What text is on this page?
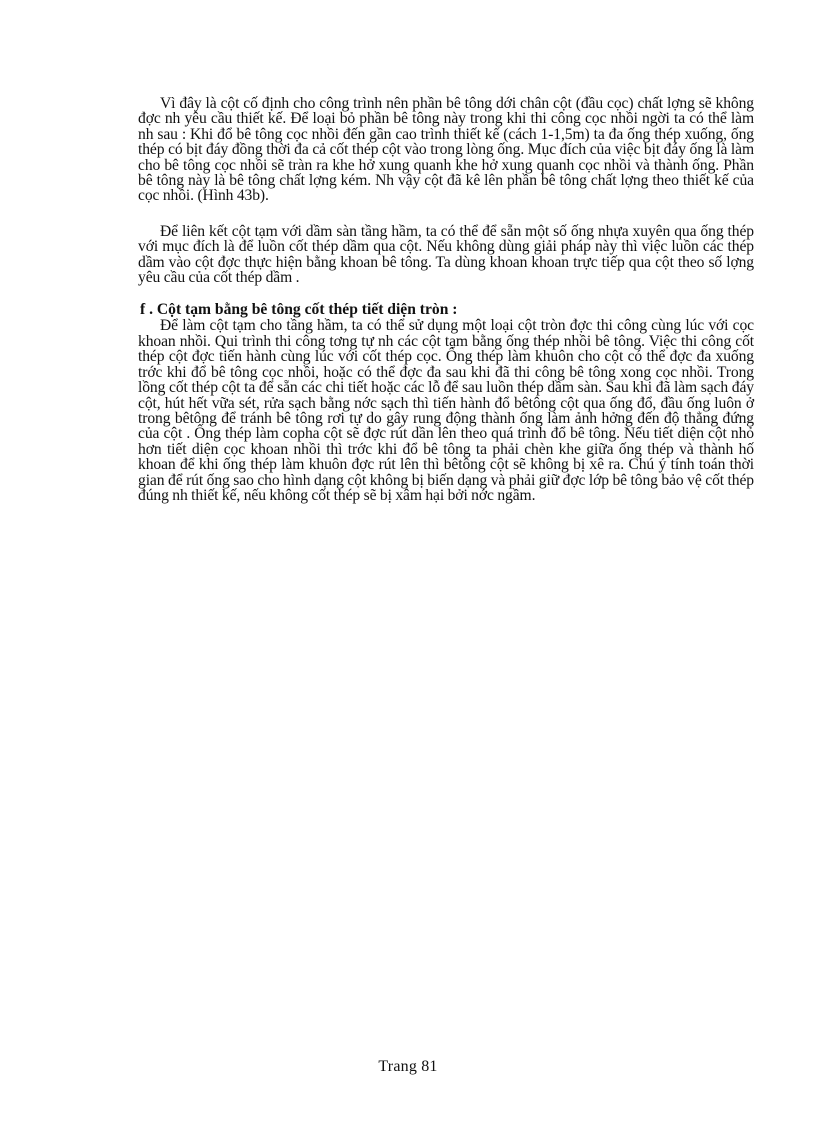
Vì đây là cột cố định cho công trình nên phần bê tông dới chân cột (đầu cọc) chất lợng sẽ không đợc nh yêu cầu thiết kế. Để loại bỏ phần bê tông này trong khi thi công cọc nhồi ngời ta có thể làm nh sau : Khi đổ bê tông cọc nhồi đến gần cao trình thiết kế (cách 1-1,5m) ta đa ống thép xuống, ống thép có bịt đáy đồng thời đa cả cốt thép cột vào trong lòng ống. Mục đích của việc bịt đáy ống là làm cho bê tông cọc nhồi sẽ tràn ra khe hở xung quanh khe hở xung quanh cọc nhồi và thành ống. Phần bê tông này là bê tông chất lợng kém. Nh vậy cột đã kê lên phần bê tông chất lợng theo thiết kế của cọc nhồi. (Hình 43b).

Để liên kết cột tạm với dầm sàn tầng hầm, ta có thể để sẵn một số ống nhựa xuyên qua ống thép với mục đích là để luồn cốt thép dầm qua cột. Nếu không dùng giải pháp này thì việc luồn các thép dầm vào cột đợc thực hiện bằng khoan bê tông. Ta dùng khoan khoan trực tiếp qua cột theo số lợng yêu cầu của cốt thép dầm .

f . Cột tạm bằng bê tông cốt thép tiết diện tròn :

Để làm cột tạm cho tầng hầm, ta có thể sử dụng một loại cột tròn đợc thi công cùng lúc với cọc khoan nhồi. Qui trình thi công tơng tự nh các cột tạm bằng ống thép nhồi bê tông. Việc thi công cốt thép cột đợc tiến hành cùng lúc với cốt thép cọc. Ống thép làm khuôn cho cột có thể đợc đa xuống trớc khi đổ bê tông cọc nhồi, hoặc có thể đợc đa sau khi đã thi công bê tông xong cọc nhồi. Trong lồng cốt thép cột ta để sẵn các chi tiết hoặc các lỗ để sau luồn thép dầm sàn. Sau khi đã làm sạch đáy cột, hút hết vữa sét, rửa sạch bằng nớc sạch thì tiến hành đổ bêtông cột qua ống đổ, đầu ống luôn ở trong bêtông để tránh bê tông rơi tự do gây rung động thành ống làm ảnh hởng đến độ thẳng đứng của cột . Ống thép làm copha cột sẽ đợc rút dần lên theo quá trình đổ bê tông. Nếu tiết diện cột nhỏ hơn tiết diện cọc khoan nhồi thì trớc khi đổ bê tông ta phải chèn khe giữa ống thép và thành hố khoan để khi ống thép làm khuôn đợc rút lên thì bêtông cột sẽ không bị xê ra. Chú ý tính toán thời gian để rút ống sao cho hình dạng cột không bị biến dạng và phải giữ đợc lớp bê tông bảo vệ cốt thép đúng nh thiết kế, nếu không cốt thép sẽ bị xâm hại bởi nớc ngầm.

Trang 81
